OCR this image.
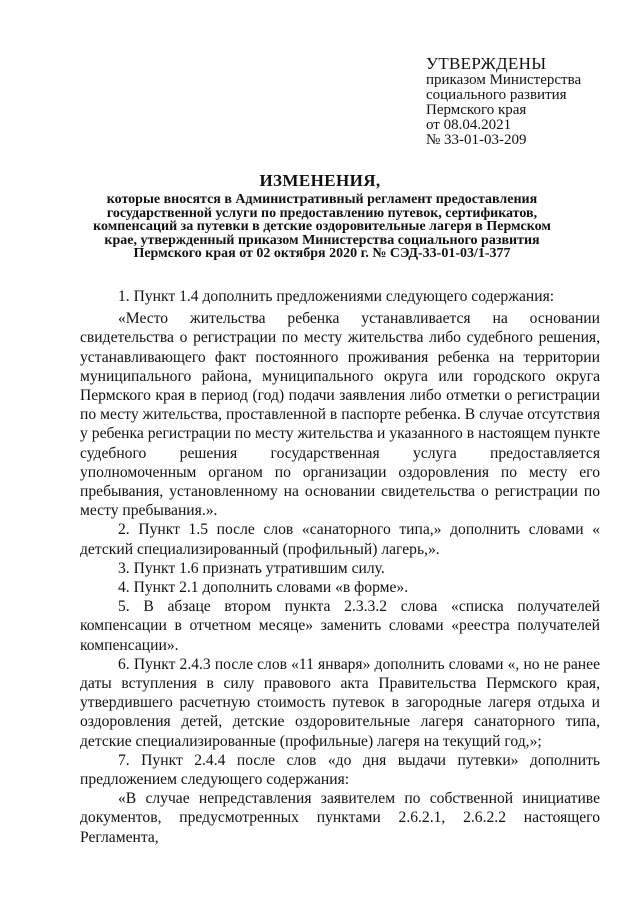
УТВЕРЖДЕНЫ
приказом Министерства
социального развития
Пермского края
от 08.04.2021
№ 33-01-03-209
ИЗМЕНЕНИЯ,
которые вносятся в Административный регламент предоставления государственной услуги по предоставлению путевок, сертификатов, компенсаций за путевки в детские оздоровительные лагеря в Пермском крае, утвержденный приказом Министерства социального развития Пермского края от 02 октября 2020 г. № СЭД-33-01-03/1-377

1. Пункт 1.4 дополнить предложениями следующего содержания:

«Место жительства ребенка устанавливается на основании свидетельства о регистрации по месту жительства либо судебного решения, устанавливающего факт постоянного проживания ребенка на территории муниципального района, муниципального округа или городского округа Пермского края в период (год) подачи заявления либо отметки о регистрации по месту жительства, проставленной в паспорте ребенка. В случае отсутствия у ребенка регистрации по месту жительства и указанного в настоящем пункте судебного решения государственная услуга предоставляется уполномоченным органом по организации оздоровления по месту его пребывания, установленному на основании свидетельства о регистрации по месту пребывания.».

2. Пункт 1.5 после слов «санаторного типа,» дополнить словами « детский специализированный (профильный) лагерь,».

3. Пункт 1.6 признать утратившим силу.

4. Пункт 2.1 дополнить словами «в форме».

5. В абзаце втором пункта 2.3.3.2 слова «списка получателей компенсации в отчетном месяце» заменить словами «реестра получателей компенсации».

6. Пункт 2.4.3 после слов «11 января» дополнить словами «, но не ранее даты вступления в силу правового акта Правительства Пермского края, утвердившего расчетную стоимость путевок в загородные лагеря отдыха и оздоровления детей, детские оздоровительные лагеря санаторного типа, детские специализированные (профильные) лагеря на текущий год,»;

7. Пункт 2.4.4 после слов «до дня выдачи путевки» дополнить предложением следующего содержания:

«В случае непредставления заявителем по собственной инициативе документов, предусмотренных пунктами 2.6.2.1, 2.6.2.2 настоящего Регламента,
